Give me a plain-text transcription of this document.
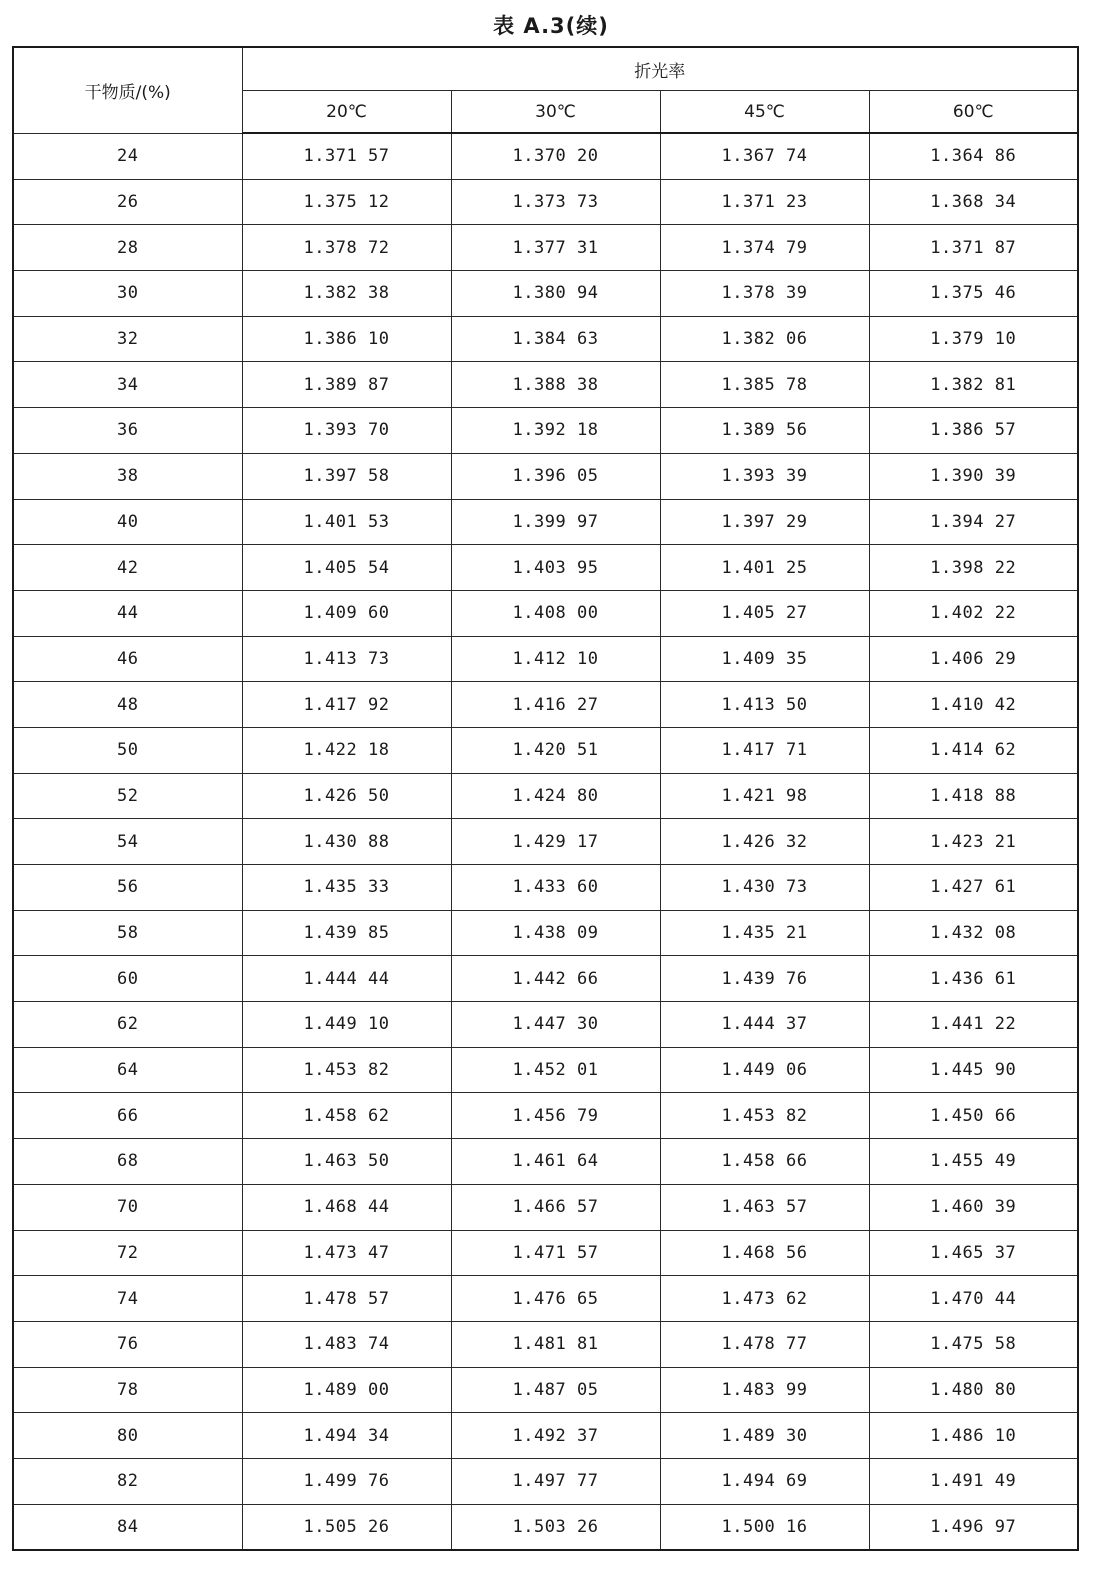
表 A.3(续)
干物质/(%)	折光率			
	20℃	30℃	45℃	60℃
24	1.371 57	1.370 20	1.367 74	1.364 86
26	1.375 12	1.373 73	1.371 23	1.368 34
28	1.378 72	1.377 31	1.374 79	1.371 87
30	1.382 38	1.380 94	1.378 39	1.375 46
32	1.386 10	1.384 63	1.382 06	1.379 10
34	1.389 87	1.388 38	1.385 78	1.382 81
36	1.393 70	1.392 18	1.389 56	1.386 57
38	1.397 58	1.396 05	1.393 39	1.390 39
40	1.401 53	1.399 97	1.397 29	1.394 27
42	1.405 54	1.403 95	1.401 25	1.398 22
44	1.409 60	1.408 00	1.405 27	1.402 22
46	1.413 73	1.412 10	1.409 35	1.406 29
48	1.417 92	1.416 27	1.413 50	1.410 42
50	1.422 18	1.420 51	1.417 71	1.414 62
52	1.426 50	1.424 80	1.421 98	1.418 88
54	1.430 88	1.429 17	1.426 32	1.423 21
56	1.435 33	1.433 60	1.430 73	1.427 61
58	1.439 85	1.438 09	1.435 21	1.432 08
60	1.444 44	1.442 66	1.439 76	1.436 61
62	1.449 10	1.447 30	1.444 37	1.441 22
64	1.453 82	1.452 01	1.449 06	1.445 90
66	1.458 62	1.456 79	1.453 82	1.450 66
68	1.463 50	1.461 64	1.458 66	1.455 49
70	1.468 44	1.466 57	1.463 57	1.460 39
72	1.473 47	1.471 57	1.468 56	1.465 37
74	1.478 57	1.476 65	1.473 62	1.470 44
76	1.483 74	1.481 81	1.478 77	1.475 58
78	1.489 00	1.487 05	1.483 99	1.480 80
80	1.494 34	1.492 37	1.489 30	1.486 10
82	1.499 76	1.497 77	1.494 69	1.491 49
84	1.505 26	1.503 26	1.500 16	1.496 97
